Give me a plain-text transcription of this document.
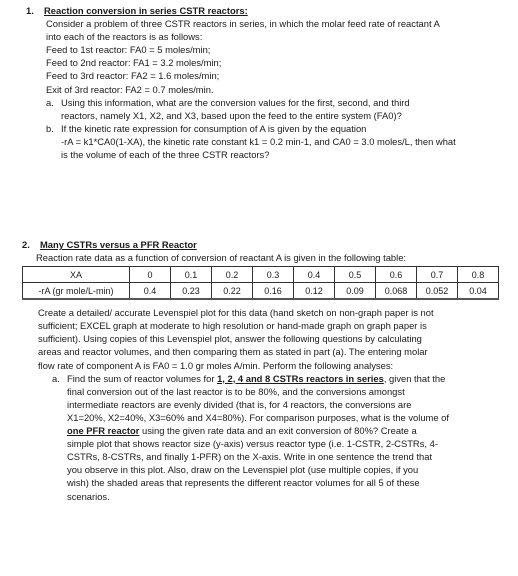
1.	Reaction conversion in series CSTR reactors:
Consider a problem of three CSTR reactors in series, in which the molar feed rate of reactant A
into each of the reactors is as follows:
Feed to 1st reactor: FA0 = 5 moles/min;
Feed to 2nd reactor: FA1 = 3.2 moles/min;
Feed to 3rd reactor: FA2 = 1.6 moles/min;
Exit of 3rd reactor: FA2 = 0.7 moles/min.
a. Using this information, what are the conversion values for the first, second, and third
reactors, namely X1, X2, and X3, based upon the feed to the entire system (FA0)?
b. If the kinetic rate expression for consumption of A is given by the equation
-rA = k1*CA0(1-XA), the kinetic rate constant k1 = 0.2 min-1, and CA0 = 3.0 moles/L, then what
is the volume of each of the three CSTR reactors?
2.	Many CSTRs versus a PFR Reactor
Reaction rate data as a function of conversion of reactant A is given in the following table:
XA	0	0.1	0.2	0.3	0.4	0.5	0.6	0.7	0.8
-rA (gr mole/L-min)	0.4	0.23	0.22	0.16	0.12	0.09	0.068	0.052	0.04
Create a detailed/ accurate Levenspiel plot for this data (hand sketch on non-graph paper is not
sufficient; EXCEL graph at moderate to high resolution or hand-made graph on graph paper is
sufficient). Using copies of this Levenspiel plot, answer the following questions by calculating
areas and reactor volumes, and then comparing them as stated in part (a). The entering molar
flow rate of component A is FA0 = 1.0 gr moles A/min. Perform the following analyses:
a. Find the sum of reactor volumes for 1, 2, 4 and 8 CSTRs reactors in series, given that the
final conversion out of the last reactor is to be 80%, and the conversions amongst
intermediate reactors are evenly divided (that is, for 4 reactors, the conversions are
X1=20%, X2=40%, X3=60% and X4=80%). For comparison purposes, what is the volume of
one PFR reactor using the given rate data and an exit conversion of 80%? Create a
simple plot that shows reactor size (y-axis) versus reactor type (i.e. 1-CSTR, 2-CSTRs, 4-
CSTRs, 8-CSTRs, and finally 1-PFR) on the X-axis. Write in one sentence the trend that
you observe in this plot. Also, draw on the Levenspiel plot (use multiple copies, if you
wish) the shaded areas that represents the different reactor volumes for all 5 of these
scenarios.
